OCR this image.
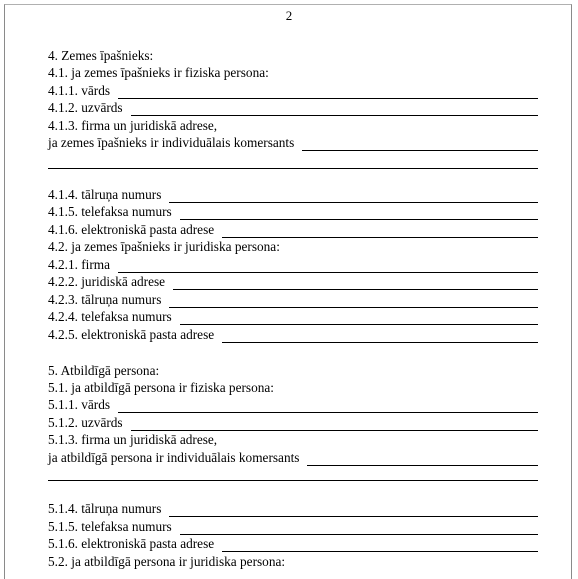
2
4. Zemes īpašnieks:
4.1. ja zemes īpašnieks ir fiziska persona:
4.1.1. vārds
4.1.2. uzvārds
4.1.3. firma un juridiskā adrese,
ja zemes īpašnieks ir individuālais komersants
4.1.4. tālruņa numurs
4.1.5. telefaksa numurs
4.1.6. elektroniskā pasta adrese
4.2. ja zemes īpašnieks ir juridiska persona:
4.2.1. firma
4.2.2. juridiskā adrese
4.2.3. tālruņa numurs
4.2.4. telefaksa numurs
4.2.5. elektroniskā pasta adrese
5. Atbildīgā persona:
5.1. ja atbildīgā persona ir fiziska persona:
5.1.1. vārds
5.1.2. uzvārds
5.1.3. firma un juridiskā adrese,
ja atbildīgā persona ir individuālais komersants
5.1.4. tālruņa numurs
5.1.5. telefaksa numurs
5.1.6. elektroniskā pasta adrese
5.2. ja atbildīgā persona ir juridiska persona:
